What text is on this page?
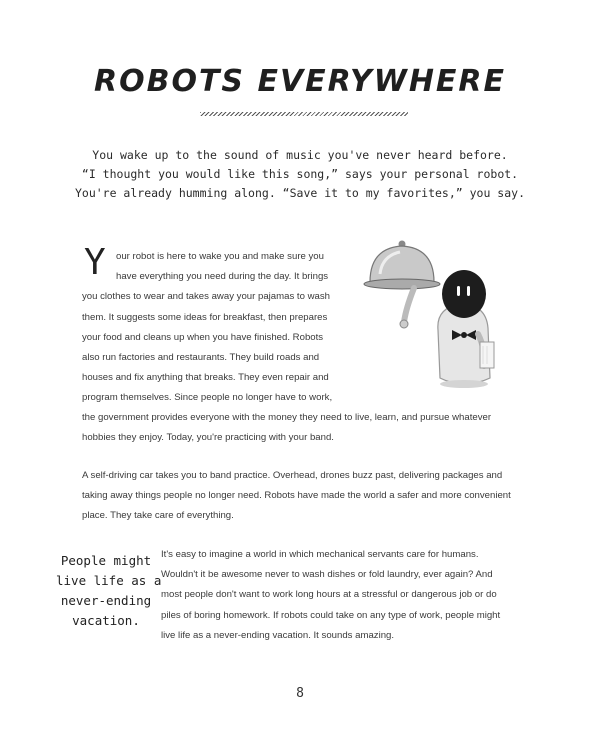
ROBOTS EVERYWHERE

You wake up to the sound of music you've never heard before.

“I thought you would like this song,” says your personal robot.

You're already humming along. “Save it to my favorites,” you say.

Y	our robot is here to wake you and make sure you
have everything you need during the day. It brings
you clothes to wear and takes away your pajamas to wash
them. It suggests some ideas for breakfast, then prepares
your food and cleans up when you have finished. Robots
also run factories and restaurants. They build roads and
houses and fix anything that breaks. They even repair and
program themselves. Since people no longer have to work,
the government provides everyone with the money they need to live, learn, and pursue whatever
hobbies they enjoy. Today, you're practicing with your band.
A self-driving car takes you to band practice. Overhead, drones buzz past, delivering packages and
taking away things people no longer need. Robots have made the world a safer and more convenient
place. They take care of everything.
People might
live life as a
never-ending
vacation.
It's easy to imagine a world in which mechanical servants care for humans.
Wouldn't it be awesome never to wash dishes or fold laundry, ever again? And
most people don't want to work long hours at a stressful or dangerous job or do
piles of boring homework. If robots could take on any type of work, people might
live life as a never-ending vacation. It sounds amazing.
8
